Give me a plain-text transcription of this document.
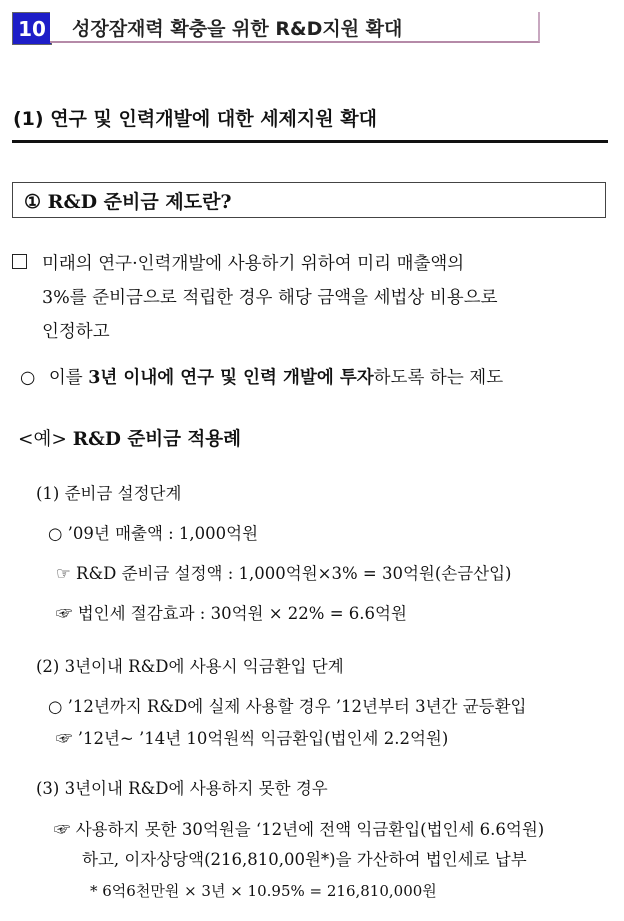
10	성장잠재력 확충을 위한 R&D지원 확대
(1) 연구 및 인력개발에 대한 세제지원 확대
① R&D 준비금 제도란?
미래의 연구·인력개발에 사용하기 위하여 미리 매출액의
3%를 준비금으로 적립한 경우 해당 금액을 세법상 비용으로
인정하고
○ 이를 3년 이내에 연구 및 인력 개발에 투자하도록 하는 제도
<예> R&D 준비금 적용례
(1) 준비금 설정단계
○ ’09년 매출액 : 1,000억원
☞ R&D 준비금 설정액 : 1,000억원×3% = 30억원(손금산입)
☞ 법인세 절감효과 : 30억원 × 22% = 6.6억원
(2) 3년이내 R&D에 사용시 익금환입 단계
○ ’12년까지 R&D에 실제 사용할 경우 ’12년부터 3년간 균등환입
☞ ’12년~ ’14년 10억원씩 익금환입(법인세 2.2억원)
(3) 3년이내 R&D에 사용하지 못한 경우
☞ 사용하지 못한 30억원을 ‘12년에 전액 익금환입(법인세 6.6억원)
하고, 이자상당액(216,810,00원*)을 가산하여 법인세로 납부
* 6억6천만원 × 3년 × 10.95% = 216,810,000원
